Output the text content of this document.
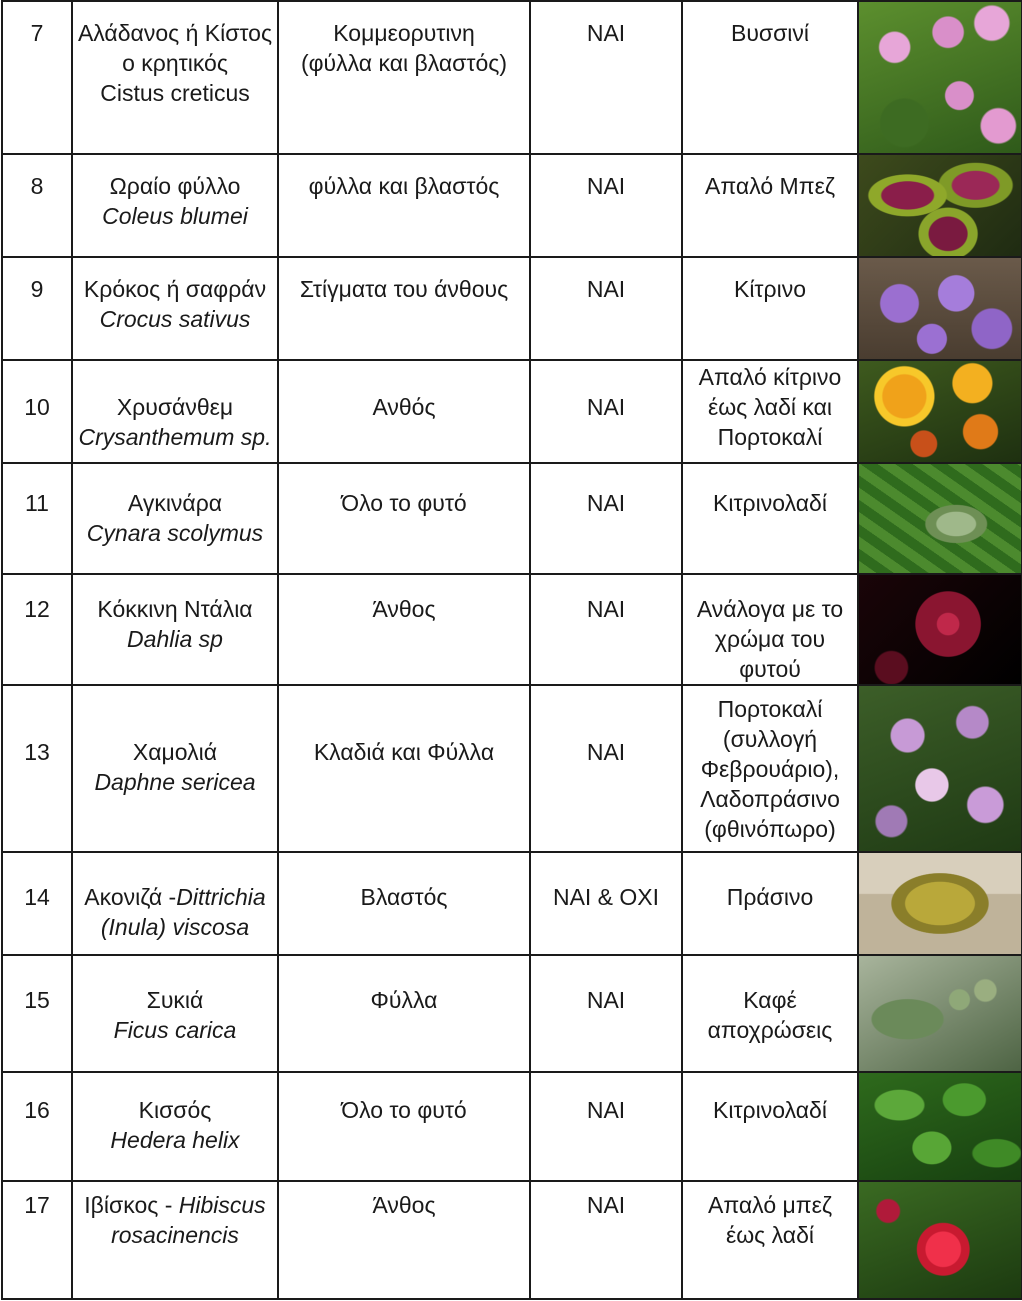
7	Αλάδανος ή Κίστος
ο κρητικός
Cistus creticus	Κομμεορυτινη
(φύλλα και βλαστός)	ΝΑΙ	Βυσσινί	

8	Ωραίο φύλλο
Coleus blumei	φύλλα και βλαστός	ΝΑΙ	Απαλό Μπεζ	

9	Κρόκος ή σαφράν
Crocus sativus	Στίγματα του άνθους	ΝΑΙ	Κίτρινο	

10	Χρυσάνθεμ
Crysanthemum sp.	Ανθός	ΝΑΙ	Απαλό κίτρινο
έως λαδί και
Πορτοκαλί	

11	Αγκινάρα
Cynara scolymus	Όλο το φυτό	ΝΑΙ	Κιτρινολαδί	

12	Κόκκινη Ντάλια
Dahlia sp	Άνθος	ΝΑΙ	Ανάλογα με το
χρώμα του
φυτού	

13	Χαμολιά
Daphne sericea	Κλαδιά και Φύλλα	ΝΑΙ	Πορτοκαλί
(συλλογή
Φεβρουάριο),
Λαδοπράσινο
(φθινόπωρο)	

14	Ακονιζά -Dittrichia
(Inula) viscosa	Βλαστός	ΝΑΙ & ΟΧΙ	Πράσινο	

15	Συκιά
Ficus carica	Φύλλα	ΝΑΙ	Καφέ
αποχρώσεις	

16	Κισσός
Hedera helix	Όλο το φυτό	ΝΑΙ	Κιτρινολαδί	

17	Ιβίσκος - Hibiscus
rosacinencis	Άνθος	ΝΑΙ	Απαλό μπεζ
έως λαδί	
